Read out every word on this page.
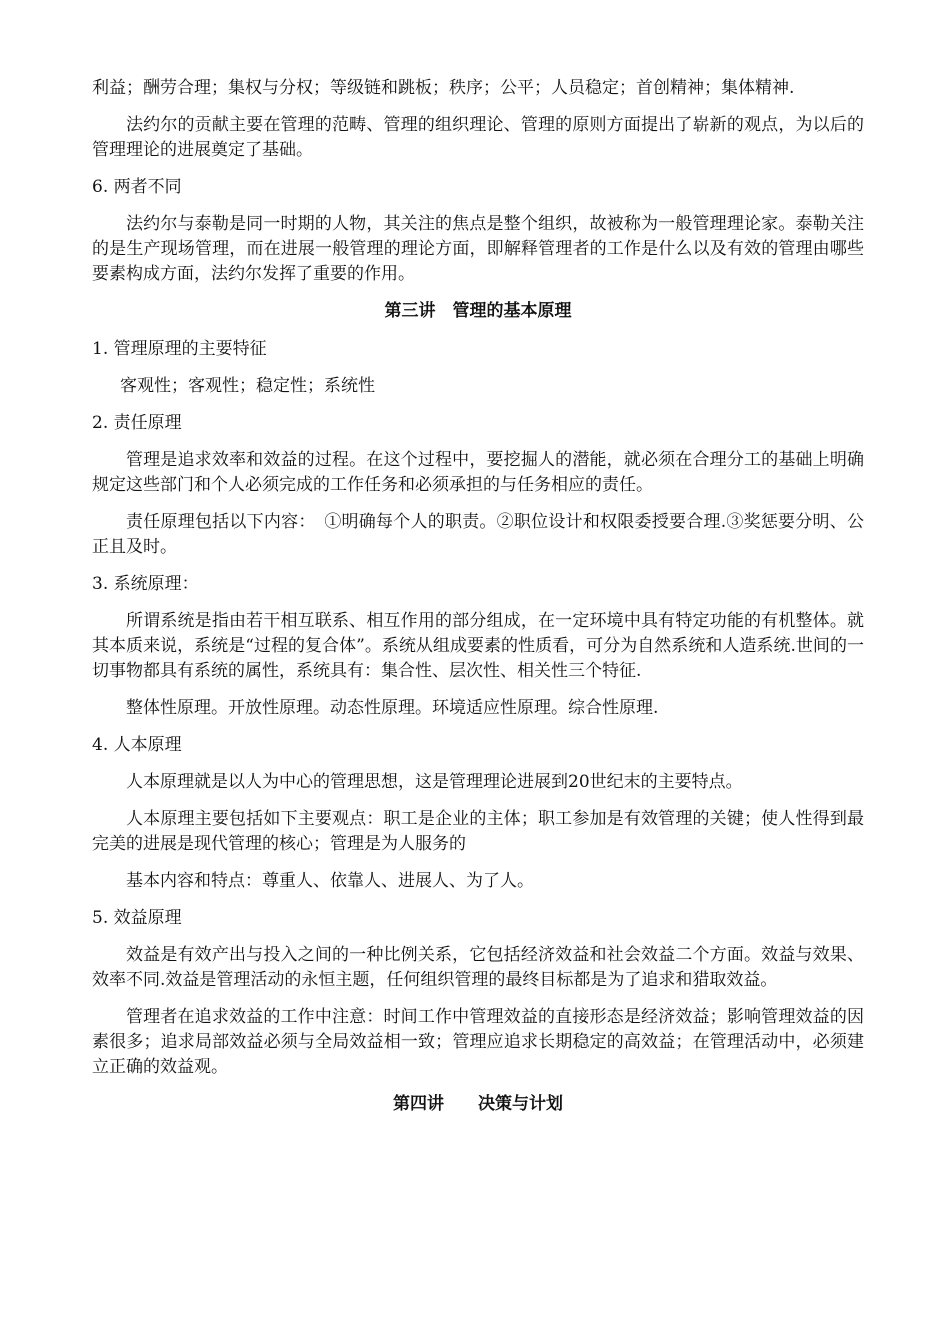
利益；酬劳合理；集权与分权；等级链和跳板；秩序；公平；人员稳定；首创精神；集体精神.

法约尔的贡献主要在管理的范畴、管理的组织理论、管理的原则方面提出了崭新的观点，为以后的管理理论的进展奠定了基础。

6. 两者不同

法约尔与泰勒是同一时期的人物，其关注的焦点是整个组织，故被称为一般管理理论家。泰勒关注的是生产现场管理，而在进展一般管理的理论方面，即解释管理者的工作是什么以及有效的管理由哪些要素构成方面，法约尔发挥了重要的作用。

第三讲　管理的基本原理

1. 管理原理的主要特征

客观性；客观性；稳定性；系统性

2. 责任原理

管理是追求效率和效益的过程。在这个过程中，要挖掘人的潜能，就必须在合理分工的基础上明确规定这些部门和个人必须完成的工作任务和必须承担的与任务相应的责任。

责任原理包括以下内容：　①明确每个人的职责。②职位设计和权限委授要合理.③奖惩要分明、公正且及时。

3. 系统原理：

所谓系统是指由若干相互联系、相互作用的部分组成，在一定环境中具有特定功能的有机整体。就其本质来说，系统是“过程的复合体”。系统从组成要素的性质看，可分为自然系统和人造系统.世间的一切事物都具有系统的属性，系统具有：集合性、层次性、相关性三个特征.

整体性原理。开放性原理。动态性原理。环境适应性原理。综合性原理.

4. 人本原理

人本原理就是以人为中心的管理思想，这是管理理论进展到20世纪末的主要特点。

人本原理主要包括如下主要观点：职工是企业的主体；职工参加是有效管理的关键；使人性得到最完美的进展是现代管理的核心；管理是为人服务的

基本内容和特点：尊重人、依靠人、进展人、为了人。

5. 效益原理

效益是有效产出与投入之间的一种比例关系，它包括经济效益和社会效益二个方面。效益与效果、效率不同.效益是管理活动的永恒主题，任何组织管理的最终目标都是为了追求和猎取效益。

管理者在追求效益的工作中注意：时间工作中管理效益的直接形态是经济效益；影响管理效益的因素很多；追求局部效益必须与全局效益相一致；管理应追求长期稳定的高效益；在管理活动中，必须建立正确的效益观。

第四讲　　决策与计划
